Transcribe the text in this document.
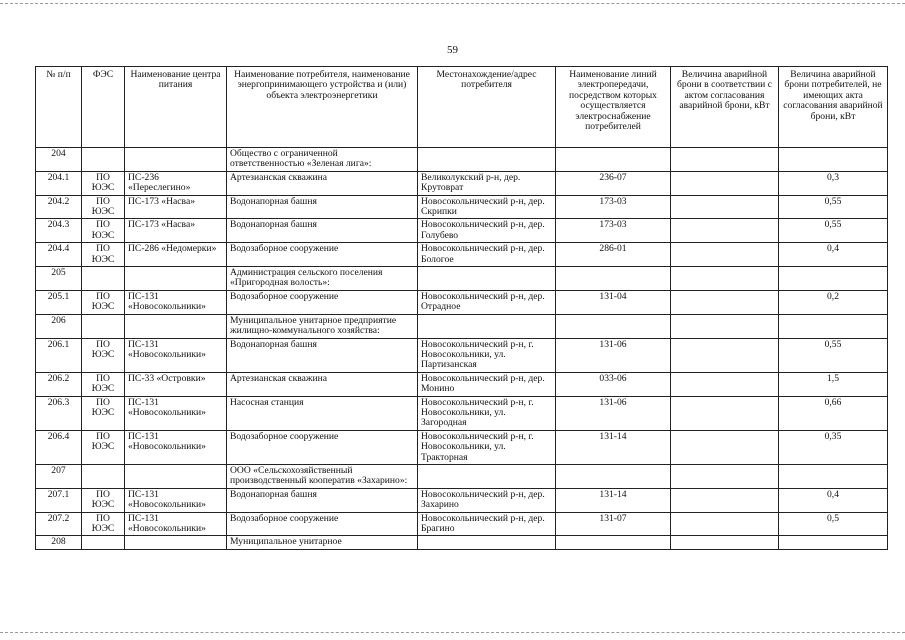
59
№ п/п	ФЭС	Наименование центра питания	Наименование потребителя, наименование энергопринимающего устройства и (или) объекта электроэнергетики	Местонахождение/адрес потребителя	Наименование линий электропередачи, посредством которых осуществляется электроснабжение потребителей	Величина аварийной брони в соответствии с актом согласования аварийной брони, кВт	Величина аварийной брони потребителей, не имеющих акта согласования аварийной брони, кВт
204			Общество с ограниченной ответственностью «Зеленая лига»:				
204.1	ПО ЮЭС	ПС-236 «Переслегино»	Артезианская скважина	Великолукский р-н, дер. Крутоврат	236-07		0,3
204.2	ПО ЮЭС	ПС-173 «Насва»	Водонапорная башня	Новосокольнический р-н, дер. Скрипки	173-03		0,55
204.3	ПО ЮЭС	ПС-173 «Насва»	Водонапорная башня	Новосокольнический р-н, дер. Голубево	173-03		0,55
204.4	ПО ЮЭС	ПС-286 «Недомерки»	Водозаборное сооружение	Новосокольнический р-н, дер. Бологое	286-01		0,4
205			Администрация сельского поселения «Пригородная волость»:				
205.1	ПО ЮЭС	ПС-131 «Новосокольники»	Водозаборное сооружение	Новосокольнический р-н, дер. Отрадное	131-04		0,2
206			Муниципальное унитарное предприятие жилищно-коммунального хозяйства:				
206.1	ПО ЮЭС	ПС-131 «Новосокольники»	Водонапорная башня	Новосокольнический р-н, г. Новосокольники, ул. Партизанская	131-06		0,55
206.2	ПО ЮЭС	ПС-33 «Островки»	Артезианская скважина	Новосокольнический р-н, дер. Монино	033-06		1,5
206.3	ПО ЮЭС	ПС-131 «Новосокольники»	Насосная станция	Новосокольнический р-н, г. Новосокольники, ул. Загородная	131-06		0,66
206.4	ПО ЮЭС	ПС-131 «Новосокольники»	Водозаборное сооружение	Новосокольнический р-н, г. Новосокольники, ул. Тракторная	131-14		0,35
207			ООО «Сельскохозяйственный производственный кооператив «Захарино»:				
207.1	ПО ЮЭС	ПС-131 «Новосокольники»	Водонапорная башня	Новосокольнический р-н, дер. Захарино	131-14		0,4
207.2	ПО ЮЭС	ПС-131 «Новосокольники»	Водозаборное сооружение	Новосокольнический р-н, дер. Брагино	131-07		0,5
208			Муниципальное унитарное				
